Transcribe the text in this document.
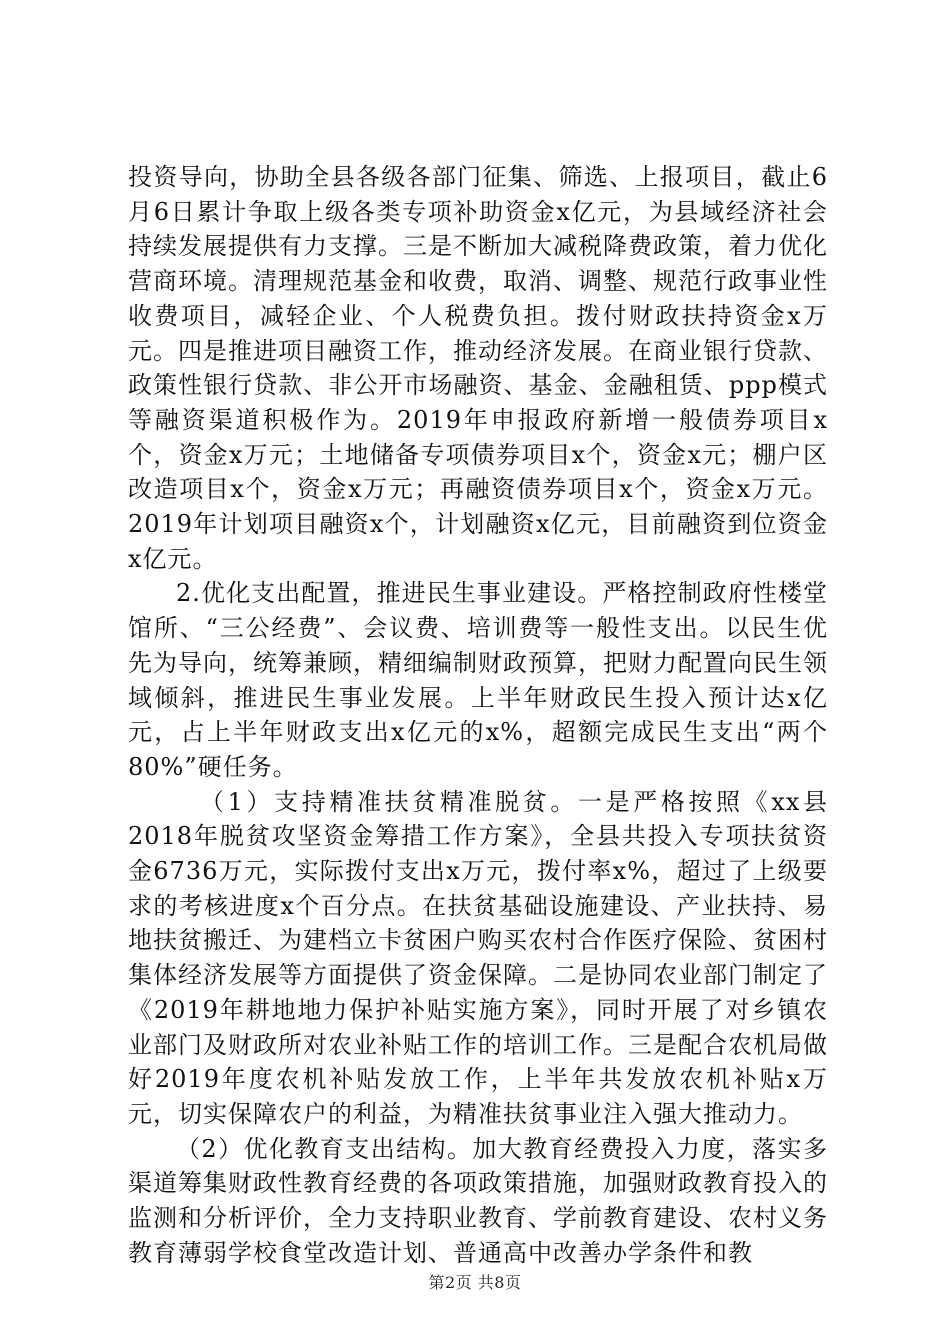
投资导向，协助全县各级各部门征集、筛选、上报项目，截止6月6日累计争取上级各类专项补助资金x亿元，为县域经济社会持续发展提供有力支撑。三是不断加大减税降费政策，着力优化营商环境。清理规范基金和收费，取消、调整、规范行政事业性收费项目，减轻企业、个人税费负担。拨付财政扶持资金x万元。四是推进项目融资工作，推动经济发展。在商业银行贷款、政策性银行贷款、非公开市场融资、基金、金融租赁、ppp模式等融资渠道积极作为。2019年申报政府新增一般债券项目x个，资金x万元；土地储备专项债券项目x个，资金x元；棚户区改造项目x个，资金x万元；再融资债券项目x个，资金x万元。2019年计划项目融资x个，计划融资x亿元，目前融资到位资金x亿元。

2.优化支出配置，推进民生事业建设。严格控制政府性楼堂馆所、“三公经费”、会议费、培训费等一般性支出。以民生优先为导向，统筹兼顾，精细编制财政预算，把财力配置向民生领域倾斜，推进民生事业发展。上半年财政民生投入预计达x亿元，占上半年财政支出x亿元的x%，超额完成民生支出“两个80%”硬任务。

（1）支持精准扶贫精准脱贫。一是严格按照《xx县2018年脱贫攻坚资金筹措工作方案》，全县共投入专项扶贫资金6736万元，实际拨付支出x万元，拨付率x%，超过了上级要求的考核进度x个百分点。在扶贫基础设施建设、产业扶持、易地扶贫搬迁、为建档立卡贫困户购买农村合作医疗保险、贫困村集体经济发展等方面提供了资金保障。二是协同农业部门制定了《2019年耕地地力保护补贴实施方案》，同时开展了对乡镇农业部门及财政所对农业补贴工作的培训工作。三是配合农机局做好2019年度农机补贴发放工作，上半年共发放农机补贴x万元，切实保障农户的利益，为精准扶贫事业注入强大推动力。

（2）优化教育支出结构。加大教育经费投入力度，落实多渠道筹集财政性教育经费的各项政策措施，加强财政教育投入的监测和分析评价，全力支持职业教育、学前教育建设、农村义务教育薄弱学校食堂改造计划、普通高中改善办学条件和教

第2页 共8页
